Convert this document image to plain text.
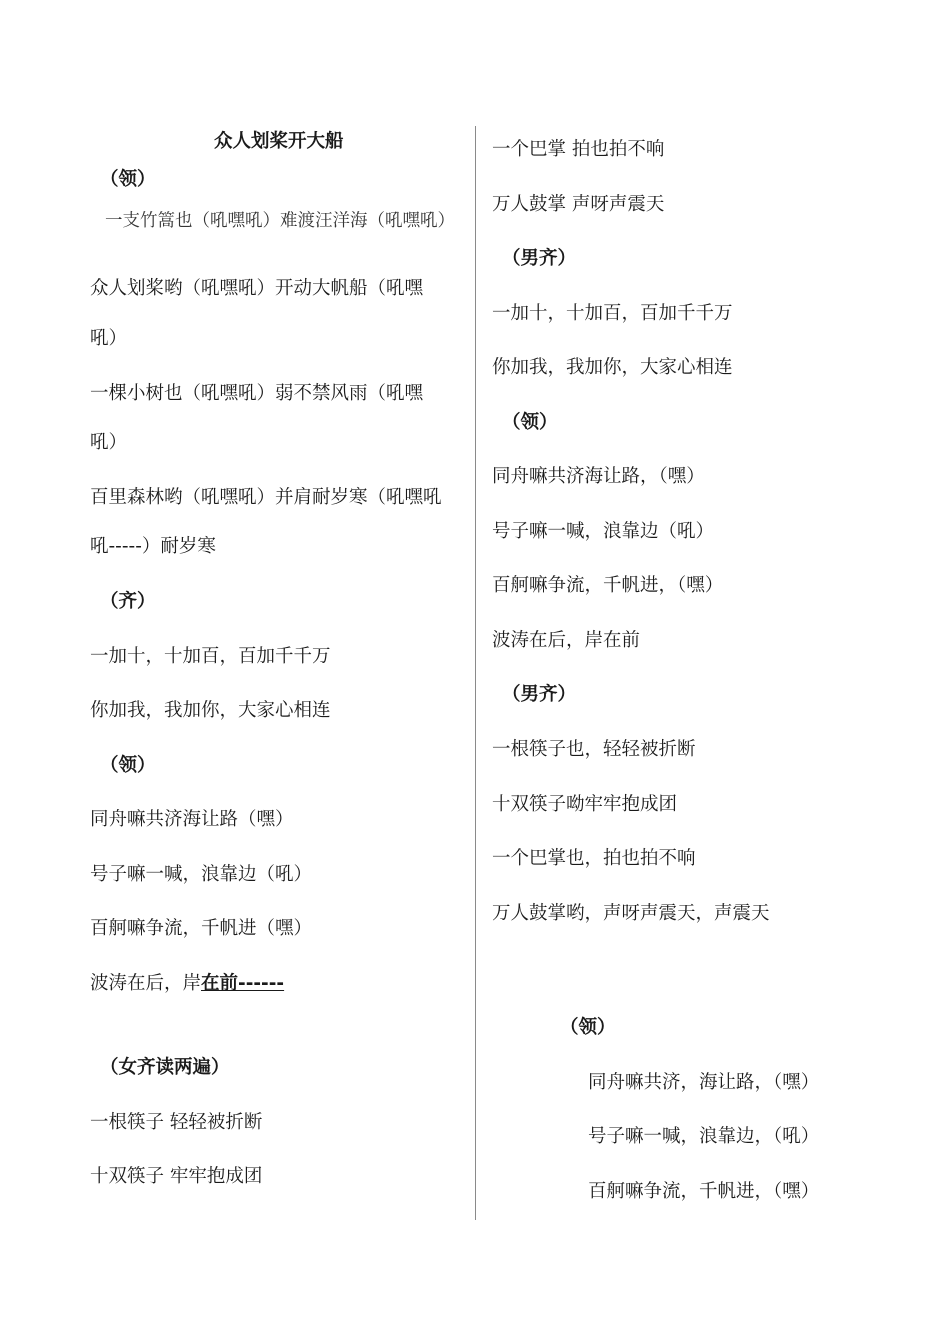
众人划桨开大船
一支竹篙也（吼嘿吼）难渡汪洋海（吼嘿吼）
（领）
众人划桨哟（吼嘿吼）开动大帆船（吼嘿
吼）
一棵小树也（吼嘿吼）弱不禁风雨（吼嘿
吼）
百里森林哟（吼嘿吼）并肩耐岁寒（吼嘿吼
吼-----）耐岁寒
（齐）
一加十，十加百，百加千千万
你加我，我加你，大家心相连
（领）
同舟嘛共济海让路（嘿）
号子嘛一喊，浪靠边（吼）
百舸嘛争流，千帆进（嘿）
波涛在后，岸在前------
（女齐读两遍）
一根筷子 轻轻被折断
十双筷子 牢牢抱成团
一个巴掌 拍也拍不响
万人鼓掌 声呀声震天
（男齐）
一加十，十加百，百加千千万
你加我，我加你，大家心相连
（领）
同舟嘛共济海让路，（嘿）
号子嘛一喊，浪靠边（吼）
百舸嘛争流，千帆进，（嘿）
波涛在后，岸在前
（男齐）
一根筷子也，轻轻被折断
十双筷子呦牢牢抱成团
一个巴掌也，拍也拍不响
万人鼓掌哟，声呀声震天，声震天
（领）
同舟嘛共济，海让路，（嘿）
号子嘛一喊，浪靠边，（吼）
百舸嘛争流，千帆进，（嘿）
